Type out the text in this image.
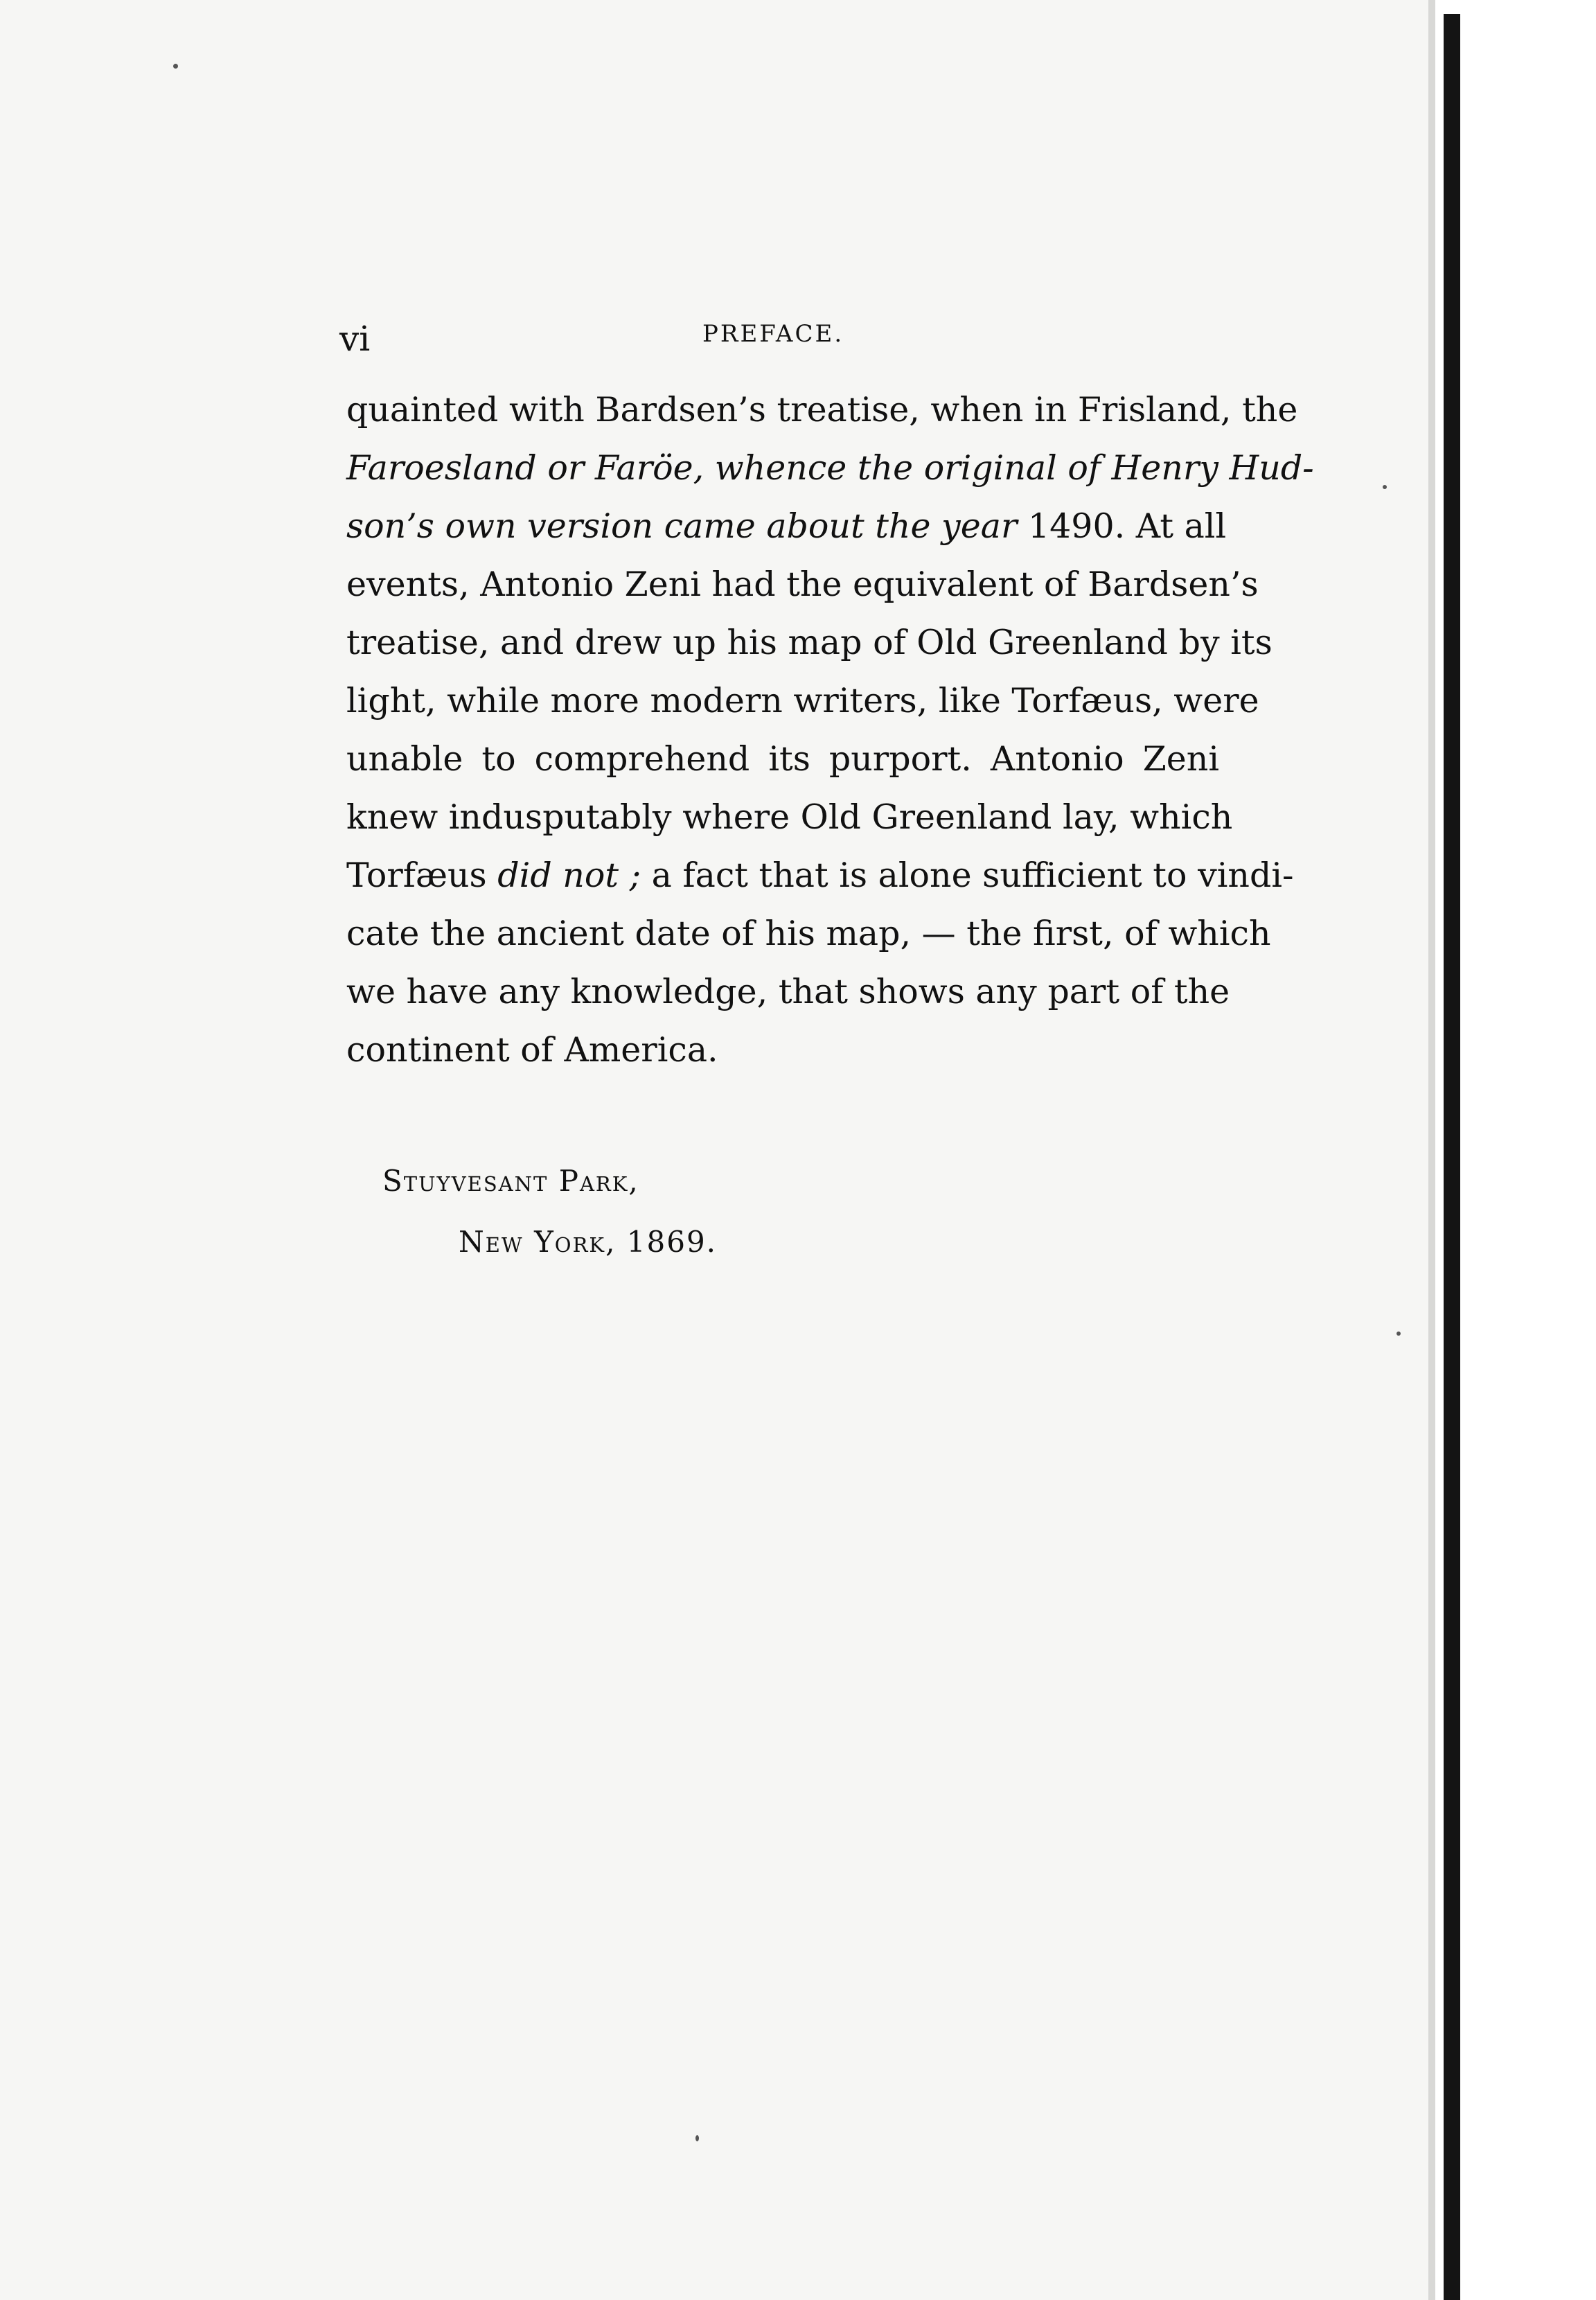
vi	PREFACE.
quainted with Bardsen’s treatise, when in Frisland, the
Faroesland or Faröe, whence the original of Henry Hud-
son’s own version came about the year 1490. At all
events, Antonio Zeni had the equivalent of Bardsen’s
treatise, and drew up his map of Old Greenland by its
light, while more modern writers, like Torfæus, were
unable to comprehend its purport. Antonio Zeni
knew indusputably where Old Greenland lay, which
Torfæus did not ; a fact that is alone sufficient to vindi-
cate the ancient date of his map, — the first, of which
we have any knowledge, that shows any part of the
continent of America.
Stuyvesant Park,
New York, 1869.
